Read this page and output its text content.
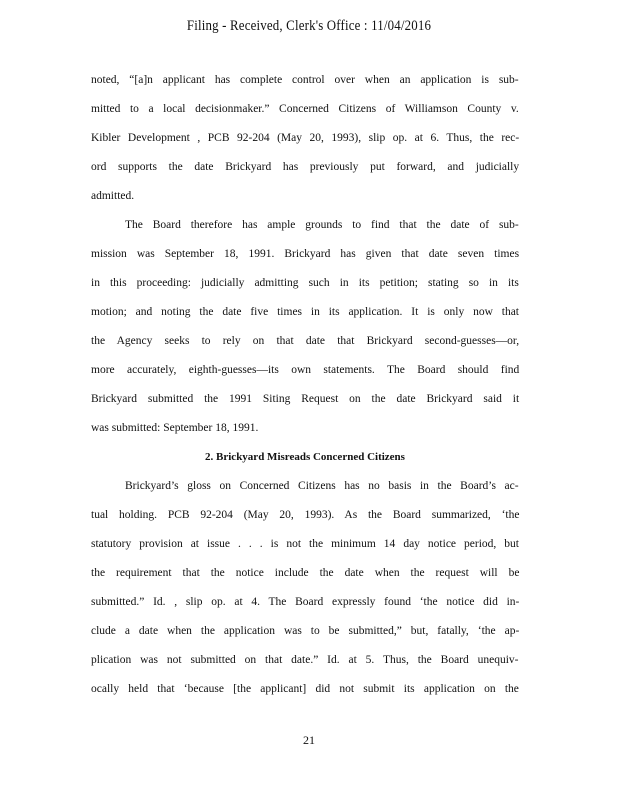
Filing - Received, Clerk's Office : 11/04/2016
noted, “[a]n applicant has complete control over when an application is sub-
mitted to a local decisionmaker.” Concerned Citizens of Williamson County v.
Kibler Development , PCB 92-204 (May 20, 1993), slip op. at 6. Thus, the rec-
ord supports the date Brickyard has previously put forward, and judicially
admitted.
The Board therefore has ample grounds to find that the date of sub-
mission was September 18, 1991. Brickyard has given that date seven times
in this proceeding: judicially admitting such in its petition; stating so in its
motion; and noting the date five times in its application. It is only now that
the Agency seeks to rely on that date that Brickyard second-guesses—or,
more accurately, eighth-guesses—its own statements. The Board should find
Brickyard submitted the 1991 Siting Request on the date Brickyard said it
was submitted: September 18, 1991.
2. Brickyard Misreads Concerned Citizens
Brickyard’s gloss on Concerned Citizens has no basis in the Board’s ac-
tual holding. PCB 92-204 (May 20, 1993). As the Board summarized, ‘the
statutory provision at issue . . . is not the minimum 14 day notice period, but
the requirement that the notice include the date when the request will be
submitted.” Id. , slip op. at 4. The Board expressly found ‘the notice did in-
clude a date when the application was to be submitted,” but, fatally, ‘the ap-
plication was not submitted on that date.” Id. at 5. Thus, the Board unequiv-
ocally held that ‘because [the applicant] did not submit its application on the
21
